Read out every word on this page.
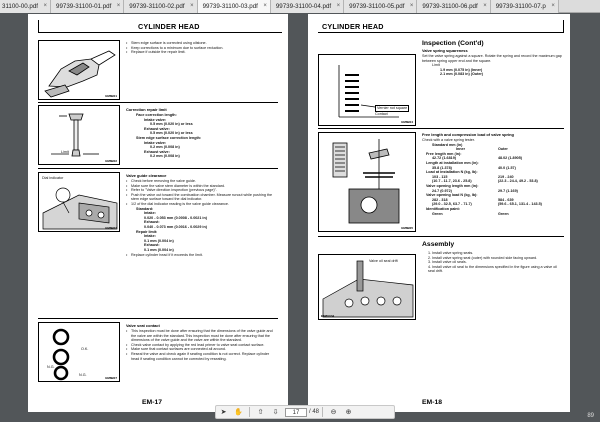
31100-00.pdf ×	99739-31100-01.pdf ×	99739-31100-02.pdf ×	99739-31100-03.pdf ×	99739-31100-04.pdf ×	99739-31100-05.pdf ×	99739-31100-06.pdf ×	99739-31100-07.p ×
CYLINDER HEAD
EM8B01
• Stem edge surface is corrected using oilstone.
• Keep corrections to a minimum due to surface reduction.
• Replace if outside the repair limit.
Limit
EM8B02
Correction repair limit
Face correction length:
Intake valve:
0.5 mm (0.020 in) or less
Exhaust valve:
0.5 mm (0.020 in) or less
Stem edge surface correction length:
Intake valve:
0.2 mm (0.008 in)
Exhaust valve:
0.2 mm (0.008 in)
Dial indicator
EM8B03
Valve guide clearance
• Check before removing the valve guide.
• Make sure the valve stem diameter is within the standard.
• Refer to "Valve direction inspection (previous page)".
• Push the valve out toward the combustion chamber. Measure runout while pushing the stem edge surface toward the dial indicator.
• 1/2 of the dial indicator reading is the valve guide clearance.
Standard:
Intake:
0.020 - 0.053 mm (0.0008 - 0.0021 in)
Exhaust:
0.040 - 0.073 mm (0.0016 - 0.0029 in)
Repair limit:
Intake:
0.1 mm (0.004 in)
Exhaust:
0.1 mm (0.004 in)
• Replace cylinder head if it exceeds the limit.
O.K.
N.G.
N.G.
EM8B07
Valve seat contact
• This inspection must be done after ensuring that the dimensions of the valve guide and the valve are within the standard.This inspection must be done after ensuring that the dimensions of the valve guide and the valve are within the standard.
• Check valve contact by applying the red lead primer to valve seat contact surface.
• Make sure that contact surfaces are connected all around.
• Reseal the valve and check again if seating condition is not correct. Replace cylinder head if seating condition cannot be corrected by reseating.
EM-17
CYLINDER HEAD
Inspection (Cont'd)
Vernier not square
Contact
EM8B04
Valve spring squareness
Set the valve spring against a square. Rotate the spring and record the maximum gap between spring upper end and the square.
Limit
1.9 mm (0.075 in) (Inner)
2.1 mm (0.083 in) (Outer)
EM8B05
Free length and compression load of valve spring
Check with a valve spring tester.
Standard mm (in)
Inner	Outer
Free length mm (in):
42.72 (1.6819)	48.02 (1.8905)
Length at installation mm (in):
35.8 (1.378)	40.0 (1.57)
Load at installation N (kg, lb):
103 - 115	219 - 240
(10.7 - 11.7, 23.6 - 25.8)	(22.3 - 24.4, 49.2 - 53.8)
Valve opening length mm (in):
24.7 (0.972)	29.7 (1.169)
Valve opening load N (kg, lb):
282 - 318	584 - 639
(29.0 - 32.5, 63.7 - 71.7)	(59.6 - 65.1, 131.4 - 143.5)
Identification paint:
Green	Green
Assembly
1. Install valve spring seats.
2. Install valve spring seat (outer) with rounded side facing upward.
3. Install valve oil seals.
4. Install valve oil seal to the dimensions specified in the figure using a valve oil seal drift.
Valve oil seal drift
EM8V034
EM-18
➤	✋	⇧	⇩	17	/ 48	⊖	⊕	89
